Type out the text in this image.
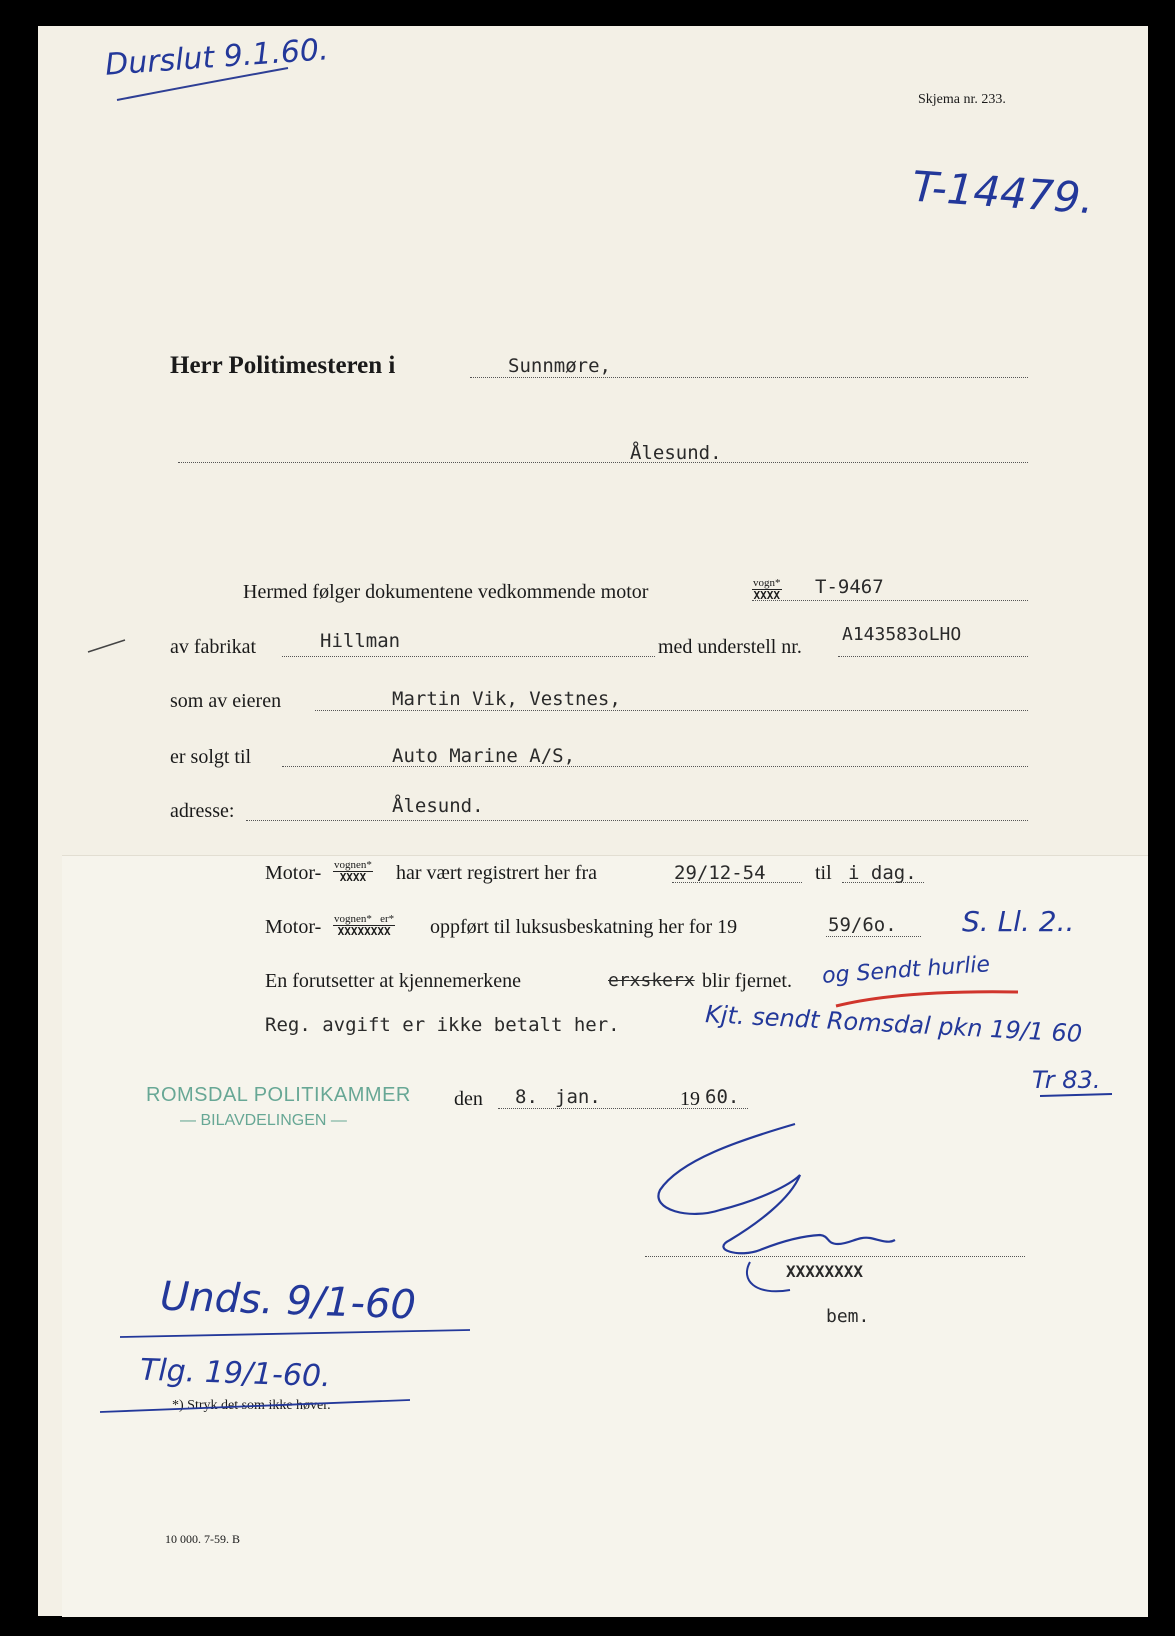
Durslut 9.1.60.
Skjema nr. 233.
T-14479.
Herr Politimesteren i	Sunnmøre,
Ålesund.
Hermed følger dokumentene vedkommende motor	vogn*
XXXX T-9467
av fabrikat	Hillman	med understell nr.
A143583oLHO
som av eieren	Martin Vik, Vestnes,
er solgt til	Auto Marine A/S,
adresse:	Ålesund.
Motor- vognen*
XXXX	har vært registrert her fra	29/12-54 til i dag.
Motor- vognen*   er*
XXXXXXXX oppført til luksusbeskatning her for 19	59/6o. S. Ll. 2..
En forutsetter at kjennemerkene	erxskerx blir fjernet. og Sendt hurlie
Reg. avgift er ikke betalt her.	Kjt. sendt Romsdal pkn 19/1 60
Tr 83.
ROMSDAL POLITIKAMMER
— BILAVDELINGEN —
den 8. jan.	19 60.
XXXXXXXX
bem.
Unds. 9/1-60
Tlg. 19/1-60.
*) Stryk det som ikke høver.
10 000. 7-59. B
